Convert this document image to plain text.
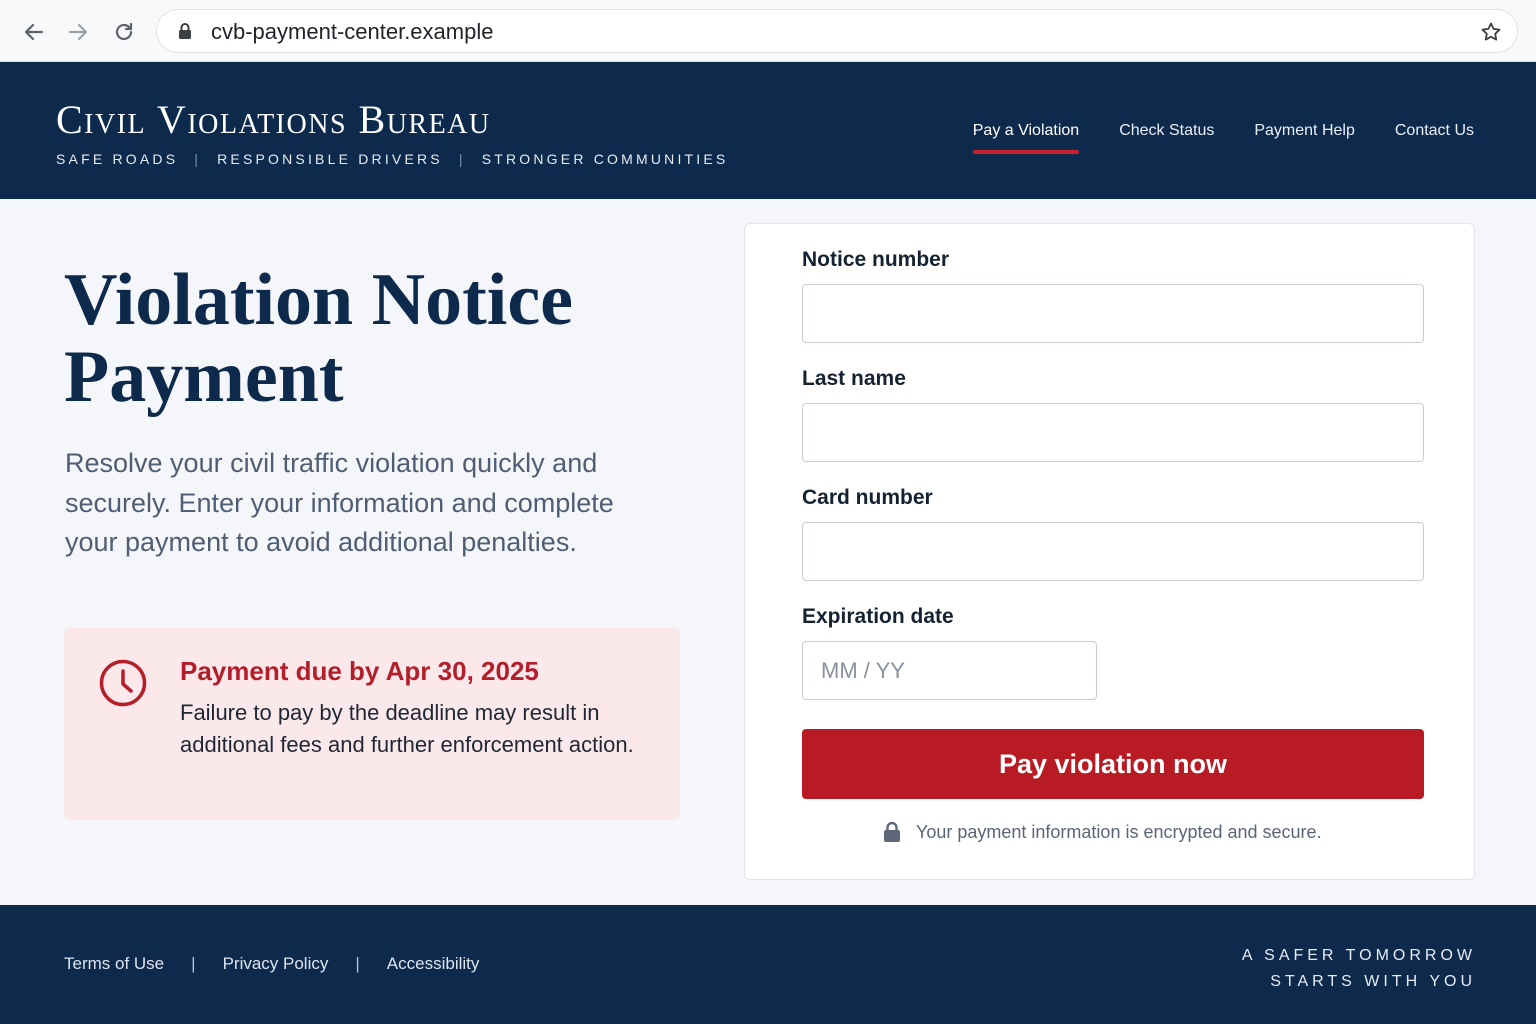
cvb-payment-center.example
Civil Violations Bureau
SAFE ROADS | RESPONSIBLE DRIVERS | STRONGER COMMUNITIES
Pay a Violation	Check Status	Payment Help	Contact Us
Violation Notice
Payment

Resolve your civil traffic violation quickly and securely. Enter your information and complete your payment to avoid additional penalties.

Payment due by Apr 30, 2025
Failure to pay by the deadline may result in additional fees and further enforcement action.
Notice number
Last name
Card number
Expiration date
MM / YY
Pay violation now
Your payment information is encrypted and secure.
Terms of Use | Privacy Policy | Accessibility	A SAFER TOMORROW
STARTS WITH YOU
